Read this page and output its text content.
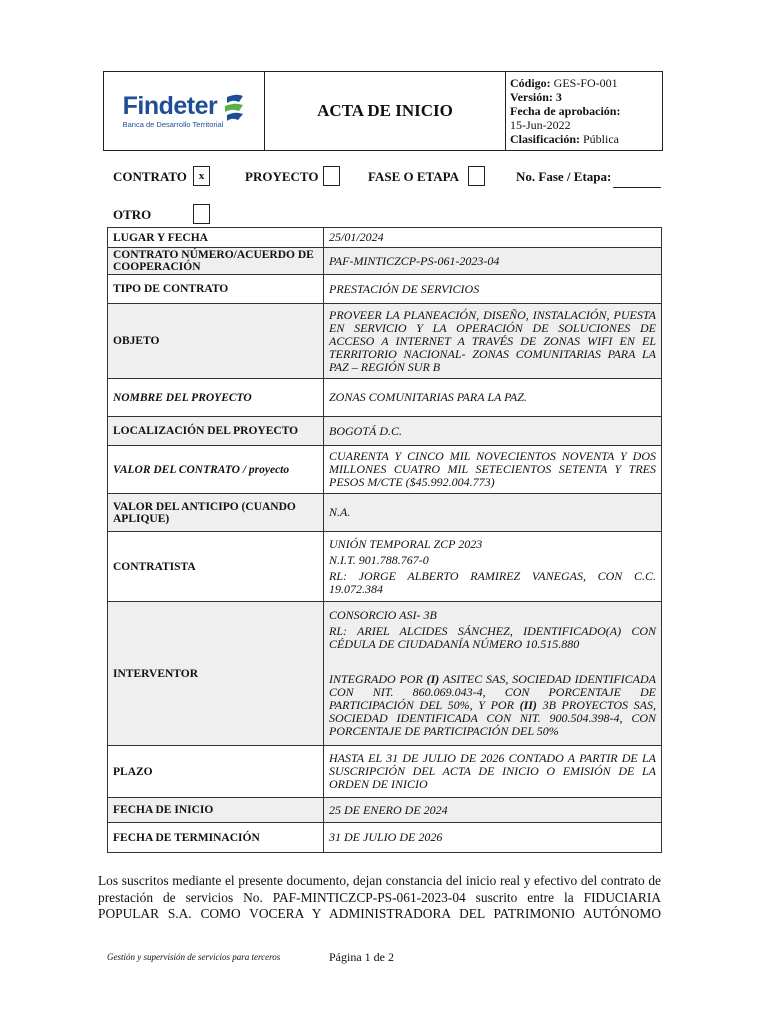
Findeter
Banca de Desarrollo Territorial
ACTA DE INICIO
Código: GES-FO-001
Versión: 3
Fecha de aprobación:
15-Jun-2022
Clasificación: Pública
CONTRATO	x	PROYECTO	FASE O ETAPA	No. Fase / Etapa:
OTRO
LUGAR Y FECHA	25/01/2024
CONTRATO NÚMERO/ACUERDO DE COOPERACIÓN	PAF-MINTICZCP-PS-061-2023-04
TIPO DE CONTRATO	PRESTACIÓN DE SERVICIOS
OBJETO	PROVEER LA PLANEACIÓN, DISEÑO, INSTALACIÓN, PUESTA EN SERVICIO Y LA OPERACIÓN DE SOLUCIONES DE ACCESO A INTERNET A TRAVÉS DE ZONAS WIFI EN EL TERRITORIO NACIONAL- ZONAS COMUNITARIAS PARA LA PAZ – REGIÓN SUR B
NOMBRE DEL PROYECTO	ZONAS COMUNITARIAS PARA LA PAZ.
LOCALIZACIÓN DEL PROYECTO	BOGOTÁ D.C.
VALOR DEL CONTRATO / proyecto	CUARENTA Y CINCO MIL NOVECIENTOS NOVENTA Y DOS MILLONES CUATRO MIL SETECIENTOS SETENTA Y TRES PESOS M/CTE ($45.992.004.773)
VALOR DEL ANTICIPO (CUANDO APLIQUE)	N.A.
CONTRATISTA	UNIÓN TEMPORAL ZCP 2023
N.I.T. 901.788.767-0
RL: JORGE ALBERTO RAMIREZ VANEGAS, CON C.C. 19.072.384

INTERVENTOR	CONSORCIO ASI- 3B
RL: ARIEL ALCIDES SÁNCHEZ, IDENTIFICADO(A) CON CÉDULA DE CIUDADANÍA NÚMERO 10.515.880
INTEGRADO POR (I) ASITEC SAS, SOCIEDAD IDENTIFICADA CON NIT. 860.069.043-4, CON PORCENTAJE DE PARTICIPACIÓN DEL 50%, Y POR (II) 3B PROYECTOS SAS, SOCIEDAD IDENTIFICADA CON NIT. 900.504.398-4, CON PORCENTAJE DE PARTICIPACIÓN DEL 50%

PLAZO	HASTA EL 31 DE JULIO DE 2026 CONTADO A PARTIR DE LA SUSCRIPCIÓN DEL ACTA DE INICIO O EMISIÓN DE LA ORDEN DE INICIO
FECHA DE INICIO	25 DE ENERO DE 2024
FECHA DE TERMINACIÓN	31 DE JULIO DE 2026
Los suscritos mediante el presente documento, dejan constancia del inicio real y efectivo del contrato de prestación de servicios No. PAF-MINTICZCP-PS-061-2023-04 suscrito entre la FIDUCIARIA POPULAR S.A. COMO VOCERA Y ADMINISTRADORA DEL PATRIMONIO AUTÓNOMO
Gestión y supervisión de servicios para terceros	Página 1 de 2
